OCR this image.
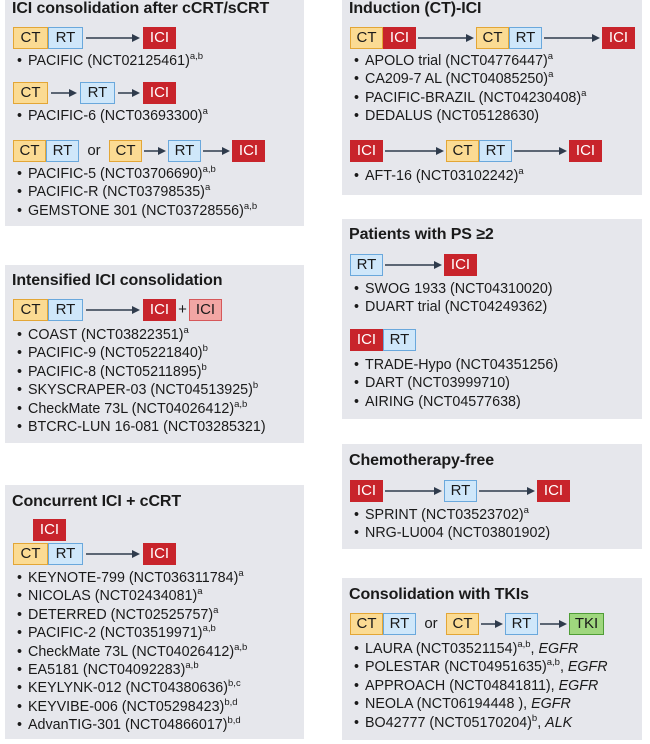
ICI consolidation after cCRT/sCRT
CT	RT	ICI
• PACIFIC $(NCT02125461)^{a,b}$
CT	RT	ICI
• PACIFIC-6 $(NCT03693300)^a$
CT RT or CT	RT	ICI
• PACIFIC-5 $(NCT03706690)^{a,b}$
• PACIFIC-R $(NCT03798535)^a$
• GEMSTONE 301 $(NCT03728556)^{a,b}$
Intensified ICI consolidation
CT	RT	ICI + ICI
• COAST $(NCT03822351)^a$
• PACIFIC-9 $(NCT05221840)^b$
• PACIFIC-8 $(NCT05211895)^b$
• SKYSCRAPER-03 $(NCT04513925)^b$
• CheckMate 73L $(NCT04026412)^{a,b}$
• BTCRC-LUN 16-081 (NCT03285321)
Concurrent ICI + cCRT
ICI
CT	RT	ICI
• KEYNOTE-799 $(NCT036311784)^a$
• NICOLAS $(NCT02434081)^a$
• DETERRED $(NCT02525757)^a$
• PACIFIC-2 $(NCT03519971)^{a,b}$
• CheckMate 73L $(NCT04026412)^{a,b}$
• EA5181 $(NCT04092283)^{a,b}$
• KEYLYNK-012 $(NCT04380636)^{b,c}$
• KEYVIBE-006 $(NCT05298423)^{b,d}$
• AdvanTIG-301 $(NCT04866017)^{b,d}$
Induction (CT)-ICI
CT ICI	CT RT	ICI
• APOLO trial $(NCT04776447)^a$
• CA209-7 AL $(NCT04085250)^a$
• PACIFIC-BRAZIL $(NCT04230408)^a$
• DEDALUS (NCT05128630)
ICI	CT RT	ICI
• AFT-16 $(NCT03102242)^a$
Patients with PS ≥2
RT	ICI
• SWOG 1933 (NCT04310020)
• DUART trial (NCT04249362)
ICI RT
• TRADE-Hypo (NCT04351256)
• DART (NCT03999710)
• AIRING (NCT04577638)
Chemotherapy-free
ICI	RT	ICI
• SPRINT $(NCT03523702)^a$
• NRG-LU004 (NCT03801902)
Consolidation with TKIs
CT RT or CT	RT	TKI
• LAURA $(NCT03521154)^{a,b}$, EGFR
• POLESTAR $(NCT04951635)^{a,b}$, EGFR
• APPROACH (NCT04841811), EGFR
• NEOLA (NCT06194448 ), EGFR
• BO42777 $(NCT05170204)^b$, ALK
